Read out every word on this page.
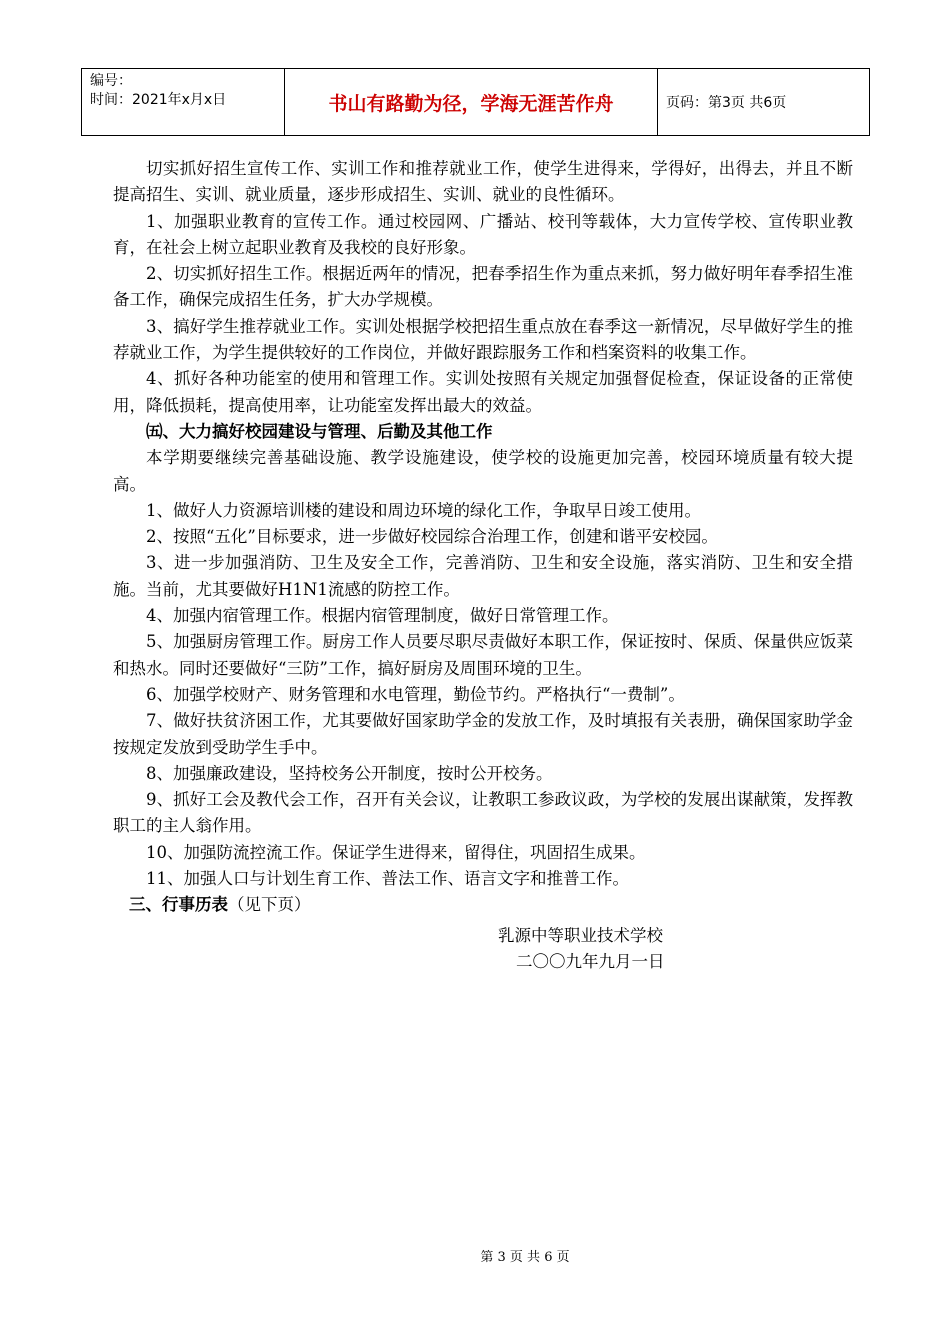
编号：
时间：2021年x月x日	书山有路勤为径，学海无涯苦作舟	页码：第3页 共6页

切实抓好招生宣传工作、实训工作和推荐就业工作，使学生进得来，学得好，出得去，并且不断提高招生、实训、就业质量，逐步形成招生、实训、就业的良性循环。

1、加强职业教育的宣传工作。通过校园网、广播站、校刊等载体，大力宣传学校、宣传职业教育，在社会上树立起职业教育及我校的良好形象。

2、切实抓好招生工作。根据近两年的情况，把春季招生作为重点来抓，努力做好明年春季招生准备工作，确保完成招生任务，扩大办学规模。

3、搞好学生推荐就业工作。实训处根据学校把招生重点放在春季这一新情况，尽早做好学生的推荐就业工作，为学生提供较好的工作岗位，并做好跟踪服务工作和档案资料的收集工作。

4、抓好各种功能室的使用和管理工作。实训处按照有关规定加强督促检查，保证设备的正常使用，降低损耗，提高使用率，让功能室发挥出最大的效益。

㈤、大力搞好校园建设与管理、后勤及其他工作

本学期要继续完善基础设施、教学设施建设，使学校的设施更加完善，校园环境质量有较大提高。

1、做好人力资源培训楼的建设和周边环境的绿化工作，争取早日竣工使用。

2、按照“五化”目标要求，进一步做好校园综合治理工作，创建和谐平安校园。

3、进一步加强消防、卫生及安全工作，完善消防、卫生和安全设施，落实消防、卫生和安全措施。当前，尤其要做好H1N1流感的防控工作。

4、加强内宿管理工作。根据内宿管理制度，做好日常管理工作。

5、加强厨房管理工作。厨房工作人员要尽职尽责做好本职工作，保证按时、保质、保量供应饭菜和热水。同时还要做好“三防”工作，搞好厨房及周围环境的卫生。

6、加强学校财产、财务管理和水电管理，勤俭节约。严格执行“一费制”。

7、做好扶贫济困工作，尤其要做好国家助学金的发放工作，及时填报有关表册，确保国家助学金按规定发放到受助学生手中。

8、加强廉政建设，坚持校务公开制度，按时公开校务。

9、抓好工会及教代会工作，召开有关会议，让教职工参政议政，为学校的发展出谋献策，发挥教职工的主人翁作用。

10、加强防流控流工作。保证学生进得来，留得住，巩固招生成果。

11、加强人口与计划生育工作、普法工作、语言文字和推普工作。

三、行事历表（见下页）

乳源中等职业技术学校
二〇〇九年九月一日
第 3 页 共 6 页
